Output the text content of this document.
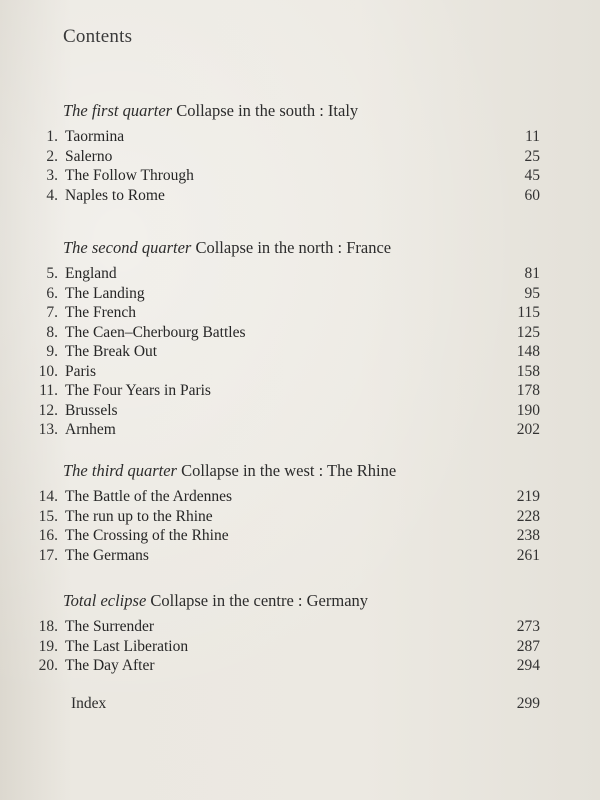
Contents
The first quarter Collapse in the south : Italy
1. Taormina	11
2. Salerno	25
3. The Follow Through	45
4. Naples to Rome	60
The second quarter Collapse in the north : France
5. England	81
6. The Landing	95
7. The French	115
8. The Caen–Cherbourg Battles	125
9. The Break Out	148
10. Paris	158
11. The Four Years in Paris	178
12. Brussels	190
13. Arnhem	202
The third quarter Collapse in the west : The Rhine
14. The Battle of the Ardennes	219
15. The run up to the Rhine	228
16. The Crossing of the Rhine	238
17. The Germans	261
Total eclipse Collapse in the centre : Germany
18. The Surrender	273
19. The Last Liberation	287
20. The Day After	294
Index	299
